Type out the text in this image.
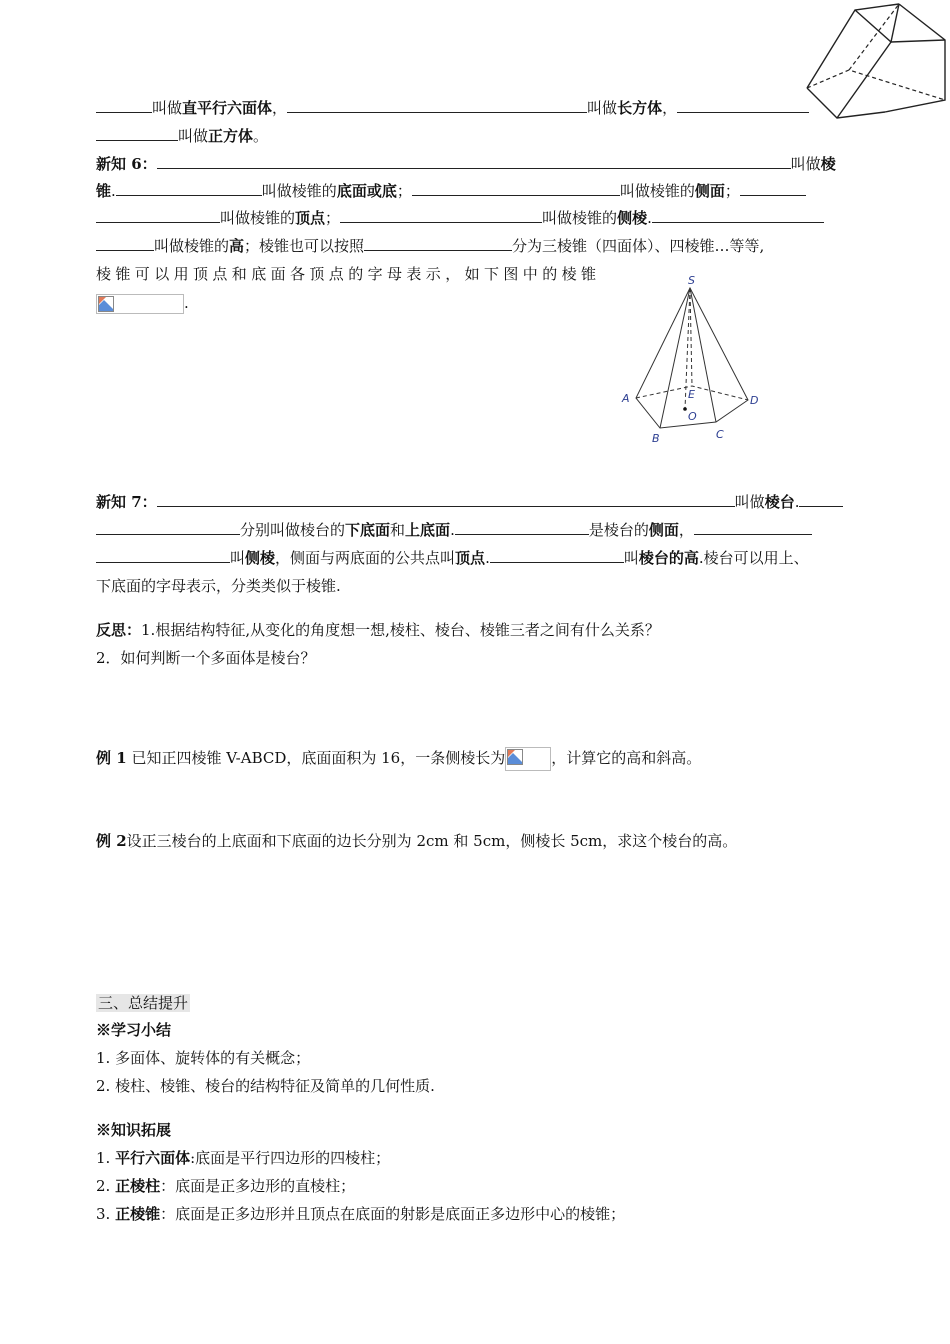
叫做直平行六面体，	叫做长方体，
叫做正方体。
新知 6：	叫做棱
锥.	叫做棱锥的底面或底；	叫做棱锥的侧面；
叫做棱锥的顶点；	叫做棱锥的侧棱.
叫做棱锥的高；棱锥也可以按照	分为三棱锥（四面体）、四棱锥…等等,
棱锥可以用顶点和底面各顶点的字母表示，如下图中的棱锥
.
S
A
B	C
D
E
O
新知 7：	叫做棱台.
分别叫做棱台的下底面和上底面.	是棱台的侧面，
叫侧棱，侧面与两底面的公共点叫顶点.	叫棱台的高.棱台可以用上、
下底面的字母表示，分类类似于棱锥.
反思：1.根据结构特征,从变化的角度想一想,棱柱、棱台、棱锥三者之间有什么关系？
2．如何判断一个多面体是棱台？
例 1 已知正四棱锥 V-ABCD，底面面积为 16，一条侧棱长为	，计算它的高和斜高。
例 2设正三棱台的上底面和下底面的边长分别为 2cm 和 5cm，侧棱长 5cm，求这个棱台的高。
三、总结提升
※学习小结
1. 多面体、旋转体的有关概念；
2. 棱柱、棱锥、棱台的结构特征及简单的几何性质.
※知识拓展
1. 平行六面体:底面是平行四边形的四棱柱；
2. 正棱柱：底面是正多边形的直棱柱；
3. 正棱锥：底面是正多边形并且顶点在底面的射影是底面正多边形中心的棱锥；
